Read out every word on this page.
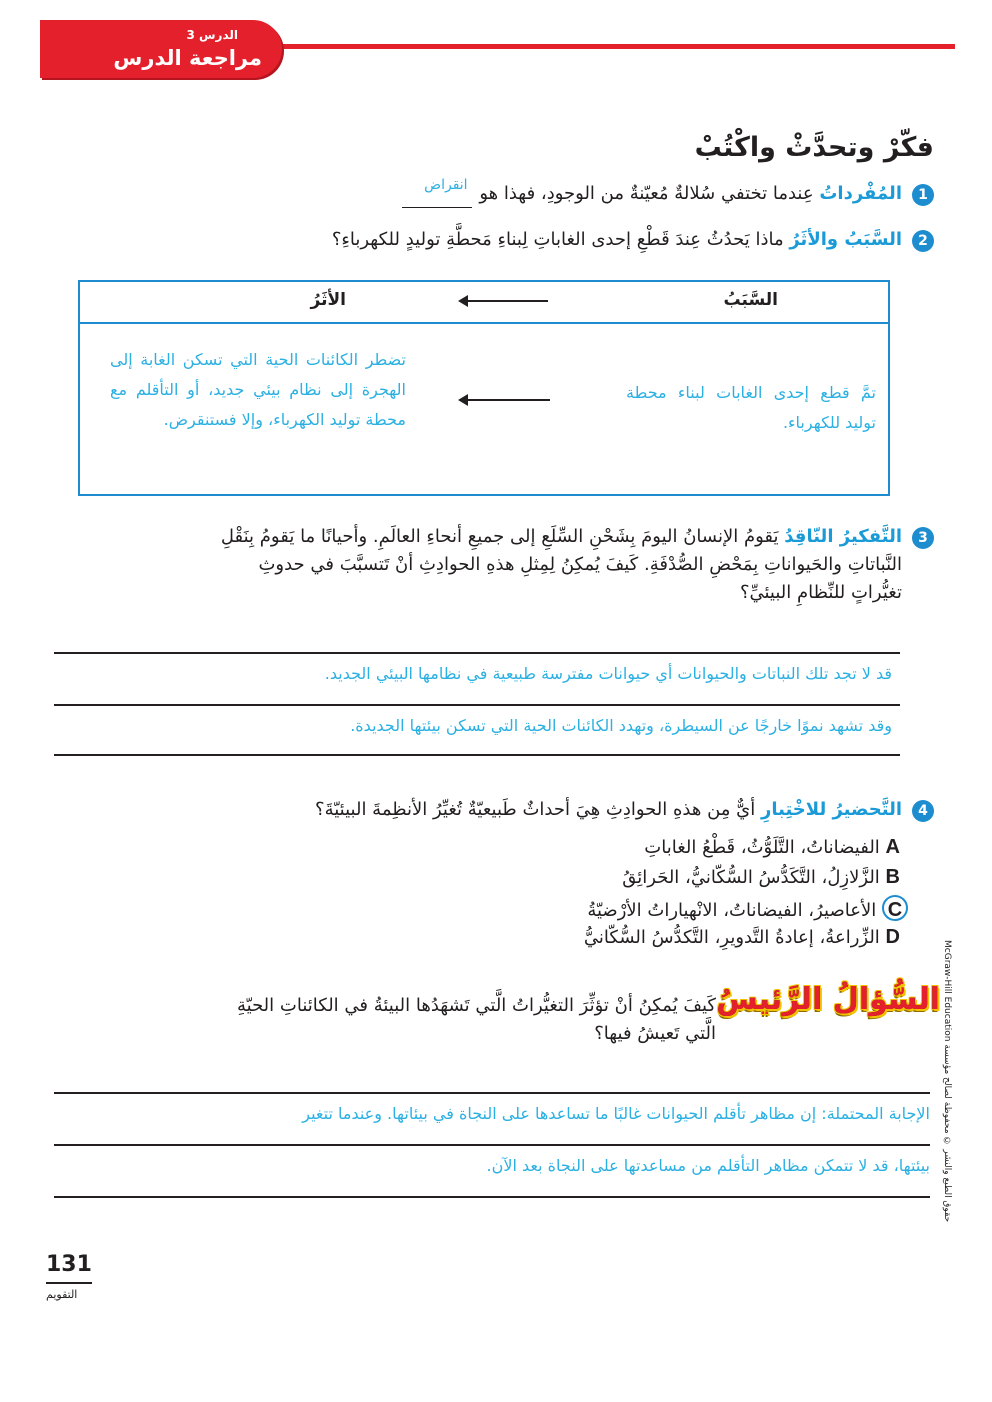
الدرس 3
مراجعة الدرس
فكّرْ وتحدَّثْ واكْتُبْ
1
المُفْرداتُ عِندما تختفي سُلالةٌ مُعيّنةٌ من الوجودِ، فهذا هو
انقراض
2
السَّبَبُ والأثَرُ ماذا يَحدُثُ عِندَ قَطْعِ إحدى الغاباتِ لِبناءِ مَحطَّةِ توليدٍ للكهرباءِ؟
السَّبَبُ
الأثَرُ
تمَّ قطع إحدى الغابات لبناء محطة توليد للكهرباء.
تضطر الكائنات الحية التي تسكن الغابة إلى الهجرة إلى نظام بيئي جديد، أو التأقلم مع محطة توليد الكهرباء، وإلا فستنقرض.
3
التَّفكيرُ النّاقِدُ يَقومُ الإنسانُ اليومَ بِشَحْنِ السِّلَعِ إلى جميعِ أنحاءِ العالَمِ. وأحيانًا ما يَقومُ بِنَقْلِ
النَّباتاتِ والحَيواناتِ بِمَحْضِ الصُّدْفَةِ. كَيفَ يُمكِنُ لِمِثلِ هذهِ الحوادِثِ أنْ تَتسبَّبَ في حدوثِ
تغيُّراتٍ للنِّظامِ البيئيِّ؟
قد لا تجد تلك النباتات والحيوانات أي حيوانات مفترسة طبيعية في نظامها البيئي الجديد.
وقد تشهد نموًا خارجًا عن السيطرة، وتهدد الكائنات الحية التي تسكن بيئتها الجديدة.
4
التَّحضيرُ للاخْتِبارِ أيٌّ مِن هذهِ الحوادِثِ هِيَ أحداثٌ طَبيعيّةٌ تُغيِّرُ الأنظِمةَ البيئيّةَ؟
A الفيضاناتُ، التَّلَوُّثُ، قَطْعُ الغاباتِ
B الزَّلازِلُ، التَّكَدُّسُ السُّكّانيُّ، الحَرائِقُ
C الأعاصيرُ، الفيضاناتُ، الانْهياراتُ الأرْضيّةُ
D الزِّراعةُ، إعادةُ التَّدويرِ، التَّكدُّسُ السُّكّانيُّ
السُّؤالُ الرَّئيسُ
كَيفَ يُمكِنُ أنْ تؤثِّرَ التغيُّراتُ الَّتي تَشهَدُها البيئةُ في الكائناتِ الحيّةِ
الَّتي تَعيشُ فيها؟
الإجابة المحتملة: إن مظاهر تأقلم الحيوانات غالبًا ما تساعدها على النجاة في بيئاتها. وعندما تتغير
بيئتها، قد لا تتمكن مظاهر التأقلم من مساعدتها على النجاة بعد الآن.
McGraw-Hill Education حقوق الطبع والنشر © محفوظة لصالح مؤسسة
131
التقويم
